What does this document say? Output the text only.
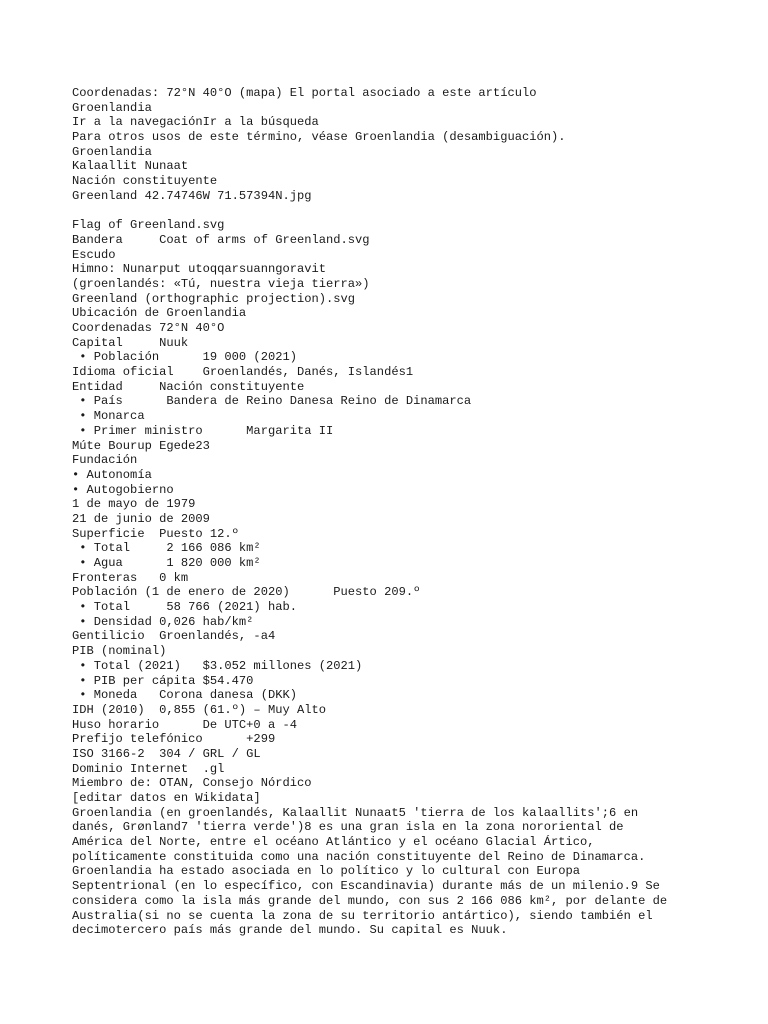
Coordenadas: 72°N 40°O (mapa) El portal asociado a este artículo
Groenlandia
Ir a la navegaciónIr a la búsqueda
Para otros usos de este término, véase Groenlandia (desambiguación).
Groenlandia
Kalaallit Nunaat
Nación constituyente
Greenland 42.74746W 71.57394N.jpg
Flag of Greenland.svg
Bandera     Coat of arms of Greenland.svg
Escudo
Himno: Nunarput utoqqarsuanngoravit
(groenlandés: «Tú, nuestra vieja tierra»)
Greenland (orthographic projection).svg
Ubicación de Groenlandia
Coordenadas 72°N 40°O
Capital     Nuuk
• Población      19 000 (2021)
Idioma oficial    Groenlandés, Danés, Islandés1
Entidad     Nación constituyente
• País      Bandera de Reino Danesa Reino de Dinamarca
• Monarca
• Primer ministro      Margarita II
Múte Bourup Egede23
Fundación
• Autonomía
• Autogobierno
1 de mayo de 1979
21 de junio de 2009
Superficie  Puesto 12.º
• Total     2 166 086 km²
• Agua      1 820 000 km²
Fronteras   0 km
Población (1 de enero de 2020)      Puesto 209.º
• Total     58 766 (2021) hab.
• Densidad 0,026 hab/km²
Gentilicio  Groenlandés, -a4
PIB (nominal)
• Total (2021)   $3.052 millones (2021)
• PIB per cápita $54.470
• Moneda   Corona danesa (DKK)
IDH (2010)  0,855 (61.º) – Muy Alto
Huso horario      De UTC+0 a -4
Prefijo telefónico      +299
ISO 3166-2  304 / GRL / GL
Dominio Internet  .gl
Miembro de: OTAN, Consejo Nórdico
[editar datos en Wikidata]
Groenlandia (en groenlandés, Kalaallit Nunaat5 'tierra de los kalaallits';6 en
danés, Grønland7 'tierra verde')8 es una gran isla en la zona nororiental de
América del Norte, entre el océano Atlántico y el océano Glacial Ártico,
políticamente constituida como una nación constituyente del Reino de Dinamarca.
Groenlandia ha estado asociada en lo político y lo cultural con Europa
Septentrional (en lo específico, con Escandinavia) durante más de un milenio.9 Se
considera como la isla más grande del mundo, con sus 2 166 086 km², por delante de
Australia(si no se cuenta la zona de su territorio antártico), siendo también el
decimotercero país más grande del mundo. Su capital es Nuuk.
